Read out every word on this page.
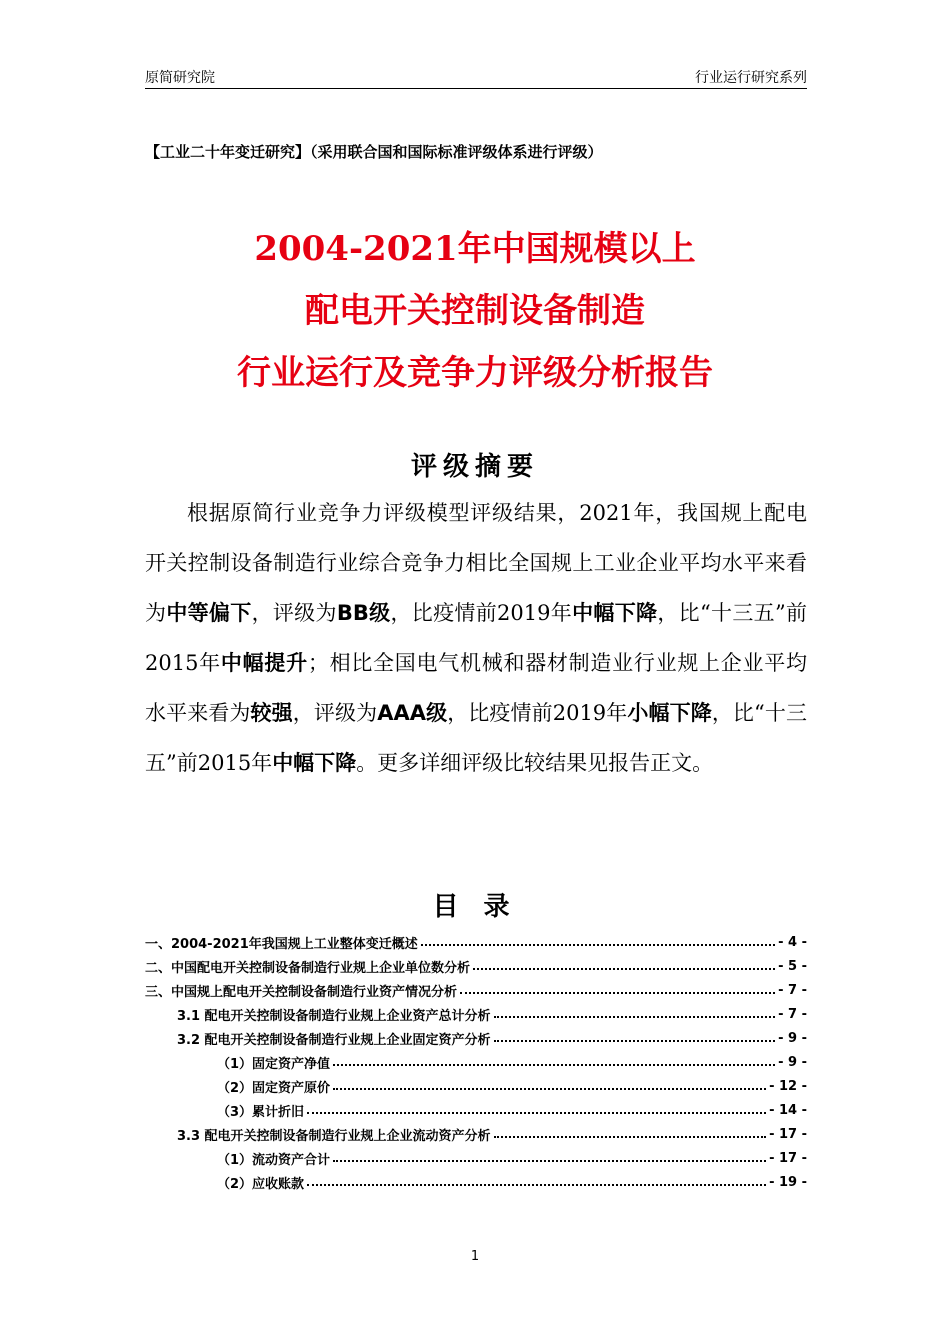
原简研究院	行业运行研究系列
【工业二十年变迁研究】（采用联合国和国际标准评级体系进行评级）
2004-2021年中国规模以上
配电开关控制设备制造
行业运行及竞争力评级分析报告
评级摘要
根据原简行业竞争力评级模型评级结果，2021年，我国规上配电开关控制设备制造行业综合竞争力相比全国规上工业企业平均水平来看为中等偏下，评级为BB级，比疫情前2019年中幅下降，比“十三五”前2015年中幅提升；相比全国电气机械和器材制造业行业规上企业平均水平来看为较强，评级为AAA级，比疫情前2019年小幅下降，比“十三五”前2015年中幅下降。更多详细评级比较结果见报告正文。
目 录
一、2004-2021年我国规上工业整体变迁概述	- 4 -
二、中国配电开关控制设备制造行业规上企业单位数分析	- 5 -
三、中国规上配电开关控制设备制造行业资产情况分析	- 7 -
3.1 配电开关控制设备制造行业规上企业资产总计分析	- 7 -
3.2 配电开关控制设备制造行业规上企业固定资产分析	- 9 -
（1）固定资产净值	- 9 -
（2）固定资产原价	- 12 -
（3）累计折旧	- 14 -
3.3 配电开关控制设备制造行业规上企业流动资产分析	- 17 -
（1）流动资产合计	- 17 -
（2）应收账款	- 19 -
1
